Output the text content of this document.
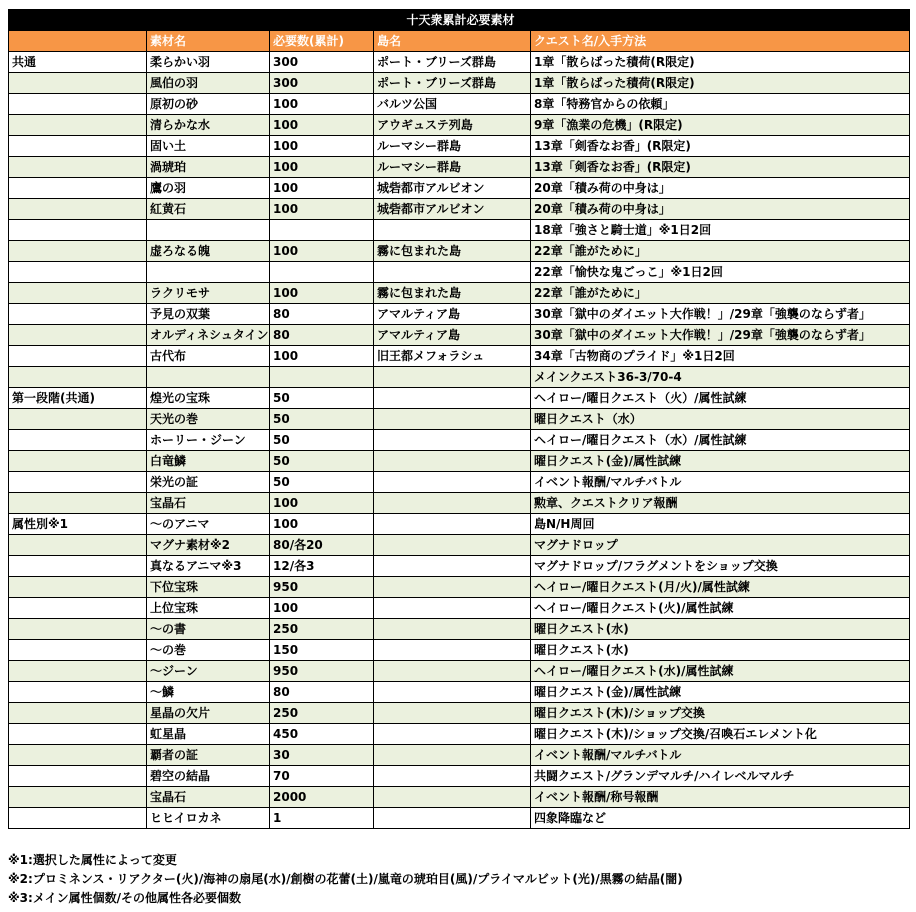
十天衆累計必要素材				
	素材名	必要数(累計)	島名	クエスト名/入手方法
共通	柔らかい羽	300	ポート・ブリーズ群島	1章「散らばった積荷(R限定)
	風伯の羽	300	ポート・ブリーズ群島	1章「散らばった積荷(R限定)
	原初の砂	100	バルツ公国	8章「特務官からの依頼」
	清らかな水	100	アウギュステ列島	9章「漁業の危機」(R限定)
	固い土	100	ルーマシー群島	13章「剣香なお香」(R限定)
	渦琥珀	100	ルーマシー群島	13章「剣香なお香」(R限定)
	鷹の羽	100	城砦都市アルビオン	20章「積み荷の中身は」
	紅黄石	100	城砦都市アルビオン	20章「積み荷の中身は」
				18章「強さと騎士道」※1日2回
	虚ろなる魄	100	霧に包まれた島	22章「誰がために」
				22章「愉快な鬼ごっこ」※1日2回
	ラクリモサ	100	霧に包まれた島	22章「誰がために」
	予見の双葉	80	アマルティア島	30章「獄中のダイエット大作戦！」/29章「強襲のならず者」
	オルディネシュタイン	80	アマルティア島	30章「獄中のダイエット大作戦！」/29章「強襲のならず者」
	古代布	100	旧王都メフォラシュ	34章「古物商のプライド」※1日2回
				メインクエスト36-3/70-4
第一段階(共通)	煌光の宝珠	50		ヘイロー/曜日クエスト（火）/属性試練
	天光の巻	50		曜日クエスト（水）
	ホーリー・ジーン	50		ヘイロー/曜日クエスト（水）/属性試練
	白竜鱗	50		曜日クエスト(金)/属性試練
	栄光の証	50		イベント報酬/マルチバトル
	宝晶石	100		勲章、クエストクリア報酬
属性別※1	～のアニマ	100		島N/H周回
	マグナ素材※2	80/各20		マグナドロップ
	真なるアニマ※3	12/各3		マグナドロップ/フラグメントをショップ交換
	下位宝珠	950		ヘイロー/曜日クエスト(月/火)/属性試練
	上位宝珠	100		ヘイロー/曜日クエスト(火)/属性試練
	～の書	250		曜日クエスト(水)
	～の巻	150		曜日クエスト(水)
	～ジーン	950		ヘイロー/曜日クエスト(水)/属性試練
	～鱗	80		曜日クエスト(金)/属性試練
	星晶の欠片	250		曜日クエスト(木)/ショップ交換
	虹星晶	450		曜日クエスト(木)/ショップ交換/召喚石エレメント化
	覇者の証	30		イベント報酬/マルチバトル
	碧空の結晶	70		共闘クエスト/グランデマルチ/ハイレベルマルチ
	宝晶石	2000		イベント報酬/称号報酬
	ヒヒイロカネ	1		四象降臨など
※1:選択した属性によって変更
※2:プロミネンス・リアクター(火)/海神の扇尾(水)/創樹の花蕾(土)/嵐竜の琥珀目(風)/プライマルビット(光)/黒霧の結晶(闇)
※3:メイン属性個数/その他属性各必要個数
